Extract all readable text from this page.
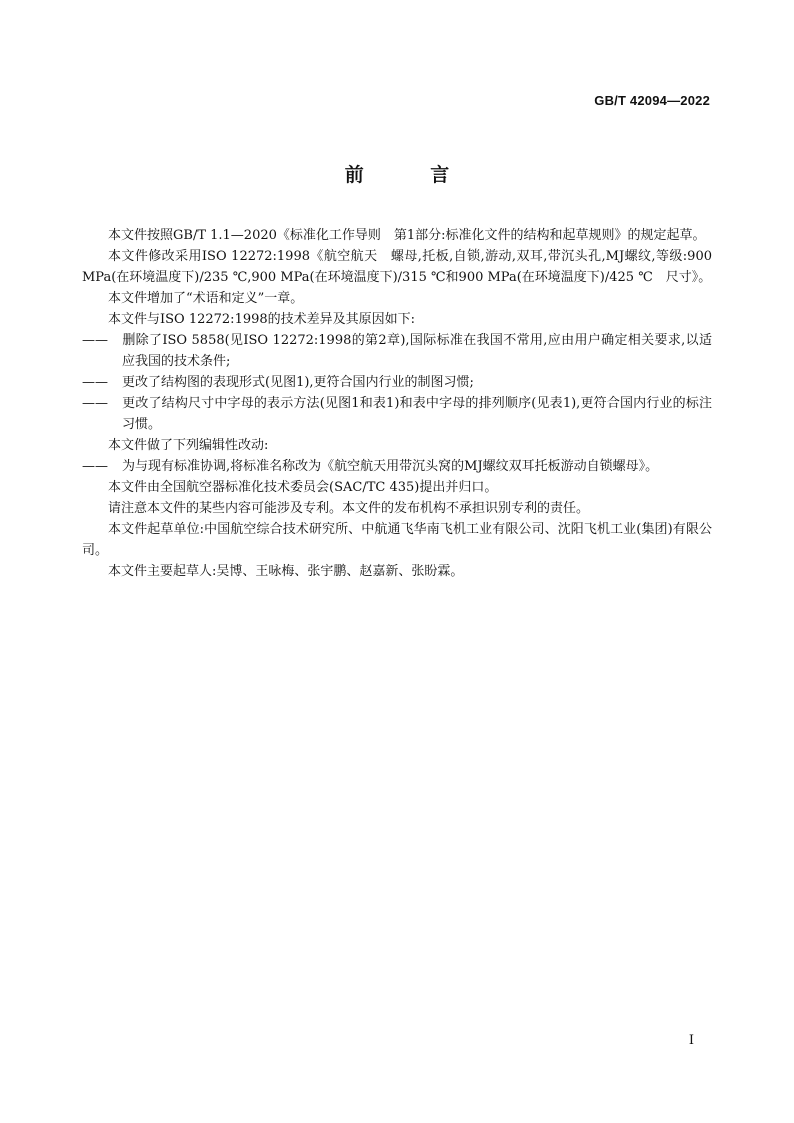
GB/T 42094—2022
前 言

本文件按照GB/T 1.1—2020《标准化工作导则　第1部分:标准化文件的结构和起草规则》的规定起草。

本文件修改采用ISO 12272:1998《航空航天　螺母,托板,自锁,游动,双耳,带沉头孔,MJ螺纹,等级:900 MPa(在环境温度下)/235 ℃,900 MPa(在环境温度下)/315 ℃和900 MPa(在环境温度下)/425 ℃　尺寸》。

本文件增加了“术语和定义”一章。

本文件与ISO 12272:1998的技术差异及其原因如下:

—— 删除了ISO 5858(见ISO 12272:1998的第2章),国际标准在我国不常用,应由用户确定相关要求,以适应我国的技术条件;

—— 更改了结构图的表现形式(见图1),更符合国内行业的制图习惯;

—— 更改了结构尺寸中字母的表示方法(见图1和表1)和表中字母的排列顺序(见表1),更符合国内行业的标注习惯。

本文件做了下列编辑性改动:

—— 为与现有标准协调,将标准名称改为《航空航天用带沉头窝的MJ螺纹双耳托板游动自锁螺母》。

本文件由全国航空器标准化技术委员会(SAC/TC 435)提出并归口。

请注意本文件的某些内容可能涉及专利。本文件的发布机构不承担识别专利的责任。

本文件起草单位:中国航空综合技术研究所、中航通飞华南飞机工业有限公司、沈阳飞机工业(集团)有限公司。

本文件主要起草人:吴博、王咏梅、张宇鹏、赵嘉新、张盼霖。

I
